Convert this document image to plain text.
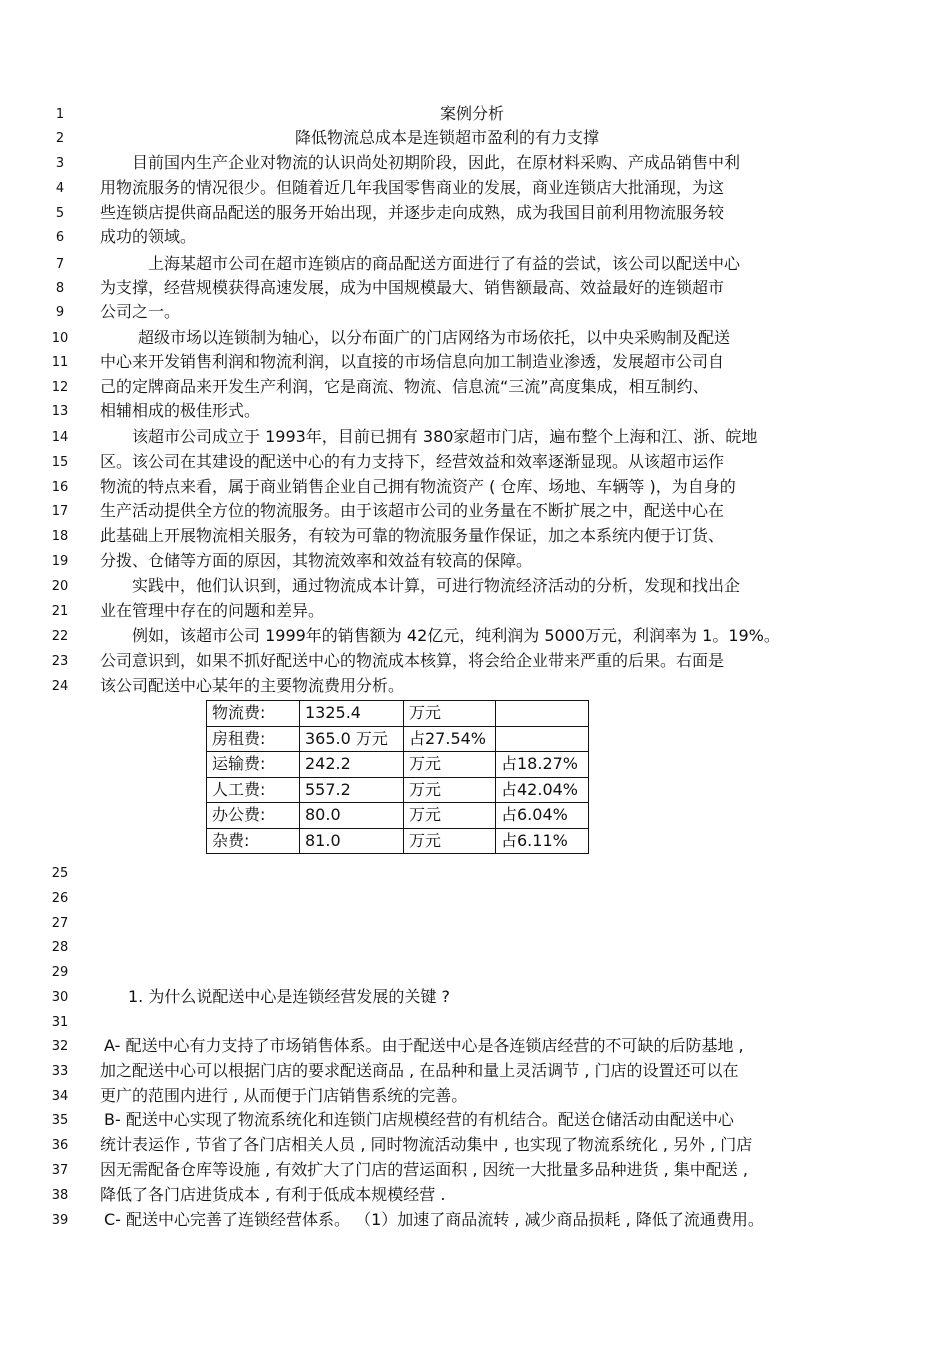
1	案例分析
2	降低物流总成本是连锁超市盈利的有力支撑
3	目前国内生产企业对物流的认识尚处初期阶段，因此，在原材料采购、产成品销售中利
4	用物流服务的情况很少。但随着近几年我国零售商业的发展，商业连锁店大批涌现，为这
5	些连锁店提供商品配送的服务开始出现，并逐步走向成熟，成为我国目前利用物流服务较
6	成功的领域。
7	上海某超市公司在超市连锁店的商品配送方面进行了有益的尝试，该公司以配送中心
8	为支撑，经营规模获得高速发展，成为中国规模最大、销售额最高、效益最好的连锁超市
9	公司之一。
10	超级市场以连锁制为轴心，以分布面广的门店网络为市场依托，以中央采购制及配送
11	中心来开发销售利润和物流利润，以直接的市场信息向加工制造业渗透，发展超市公司自
12	己的定牌商品来开发生产利润，它是商流、物流、信息流“三流”高度集成，相互制约、
13	相辅相成的极佳形式。
14	该超市公司成立于 1993年，目前已拥有 380家超市门店，遍布整个上海和江、浙、皖地
15	区。该公司在其建设的配送中心的有力支持下，经营效益和效率逐渐显现。从该超市运作
16	物流的特点来看，属于商业销售企业自己拥有物流资产 ( 仓库、场地、车辆等 )，为自身的
17	生产活动提供全方位的物流服务。由于该超市公司的业务量在不断扩展之中，配送中心在
18	此基础上开展物流相关服务，有较为可靠的物流服务量作保证，加之本系统内便于订货、
19	分拨、仓储等方面的原因，其物流效率和效益有较高的保障。
20	实践中，他们认识到，通过物流成本计算，可进行物流经济活动的分析，发现和找出企
21	业在管理中存在的问题和差异。
22	例如，该超市公司 1999年的销售额为 42亿元，纯利润为 5000万元，利润率为 1。19%。
23	公司意识到，如果不抓好配送中心的物流成本核算，将会给企业带来严重的后果。右面是
24	该公司配送中心某年的主要物流费用分析。
物流费:	1325.4	万元	
房租费:	365.0 万元	占27.54%	
运输费:	242.2	万元	占18.27%
人工费:	557.2	万元	占42.04%
办公费:	80.0	万元	占6.04%
杂费:	81.0	万元	占6.11%
25
26
27
28
29
30	1. 为什么说配送中心是连锁经营发展的关键 ?
31
32	A- 配送中心有力支持了市场销售体系。由于配送中心是各连锁店经营的不可缺的后防基地 ,
33	加之配送中心可以根据门店的要求配送商品 , 在品种和量上灵活调节 , 门店的设置还可以在
34	更广的范围内进行 , 从而便于门店销售系统的完善。
35	B- 配送中心实现了物流系统化和连锁门店规模经营的有机结合。配送仓储活动由配送中心
36	统计表运作 , 节省了各门店相关人员 , 同时物流活动集中 , 也实现了物流系统化 , 另外 , 门店
37	因无需配备仓库等设施 , 有效扩大了门店的营运面积 , 因统一大批量多品种进货 , 集中配送 ,
38	降低了各门店进货成本 , 有利于低成本规模经营 .
39	C- 配送中心完善了连锁经营体系。 （1）加速了商品流转 , 减少商品损耗 , 降低了流通费用。
